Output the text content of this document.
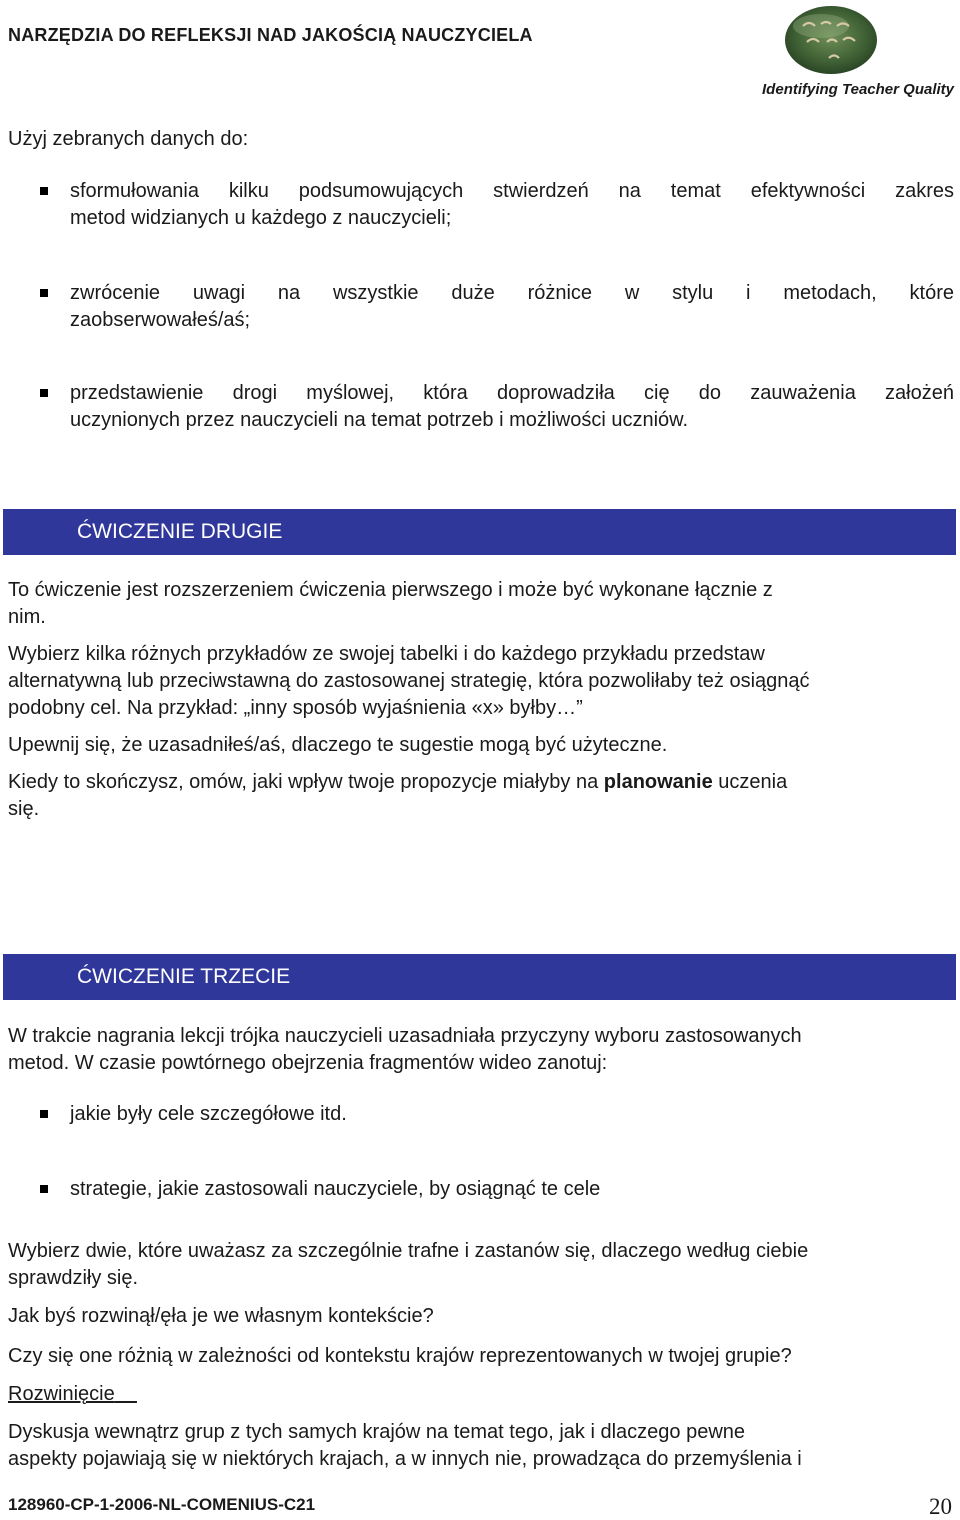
NARZĘDZIA DO REFLEKSJI NAD JAKOŚCIĄ NAUCZYCIELA
Identifying Teacher Quality

Użyj zebranych danych do:

sformułowania kilku podsumowujących stwierdzeń na temat efektywności zakres
metod widzianych u każdego z nauczycieli;
zwrócenie uwagi na wszystkie duże różnice w stylu i metodach, które
zaobserwowałeś/aś;
przedstawienie drogi myślowej, która doprowadziła cię do zauważenia założeń
uczynionych przez nauczycieli na temat potrzeb i możliwości uczniów.
ĆWICZENIE DRUGIE

To ćwiczenie jest rozszerzeniem ćwiczenia pierwszego i może być wykonane łącznie z
nim.

Wybierz kilka różnych przykładów ze swojej tabelki i do każdego przykładu przedstaw
alternatywną lub przeciwstawną do zastosowanej strategię, która pozwoliłaby też osiągnąć
podobny cel. Na przykład: „inny sposób wyjaśnienia «x» byłby…”

Upewnij się, że uzasadniłeś/aś, dlaczego te sugestie mogą być użyteczne.

Kiedy to skończysz, omów, jaki wpływ twoje propozycje miałyby na planowanie uczenia
się.

ĆWICZENIE TRZECIE

W trakcie nagrania lekcji trójka nauczycieli uzasadniała przyczyny wyboru zastosowanych
metod. W czasie powtórnego obejrzenia fragmentów wideo zanotuj:

jakie były cele szczegółowe itd.
strategie, jakie zastosowali nauczyciele, by osiągnąć te cele

Wybierz dwie, które uważasz za szczególnie trafne i zastanów się, dlaczego według ciebie
sprawdziły się.

Jak byś rozwinął/ęła je we własnym kontekście?

Czy się one różnią w zależności od kontekstu krajów reprezentowanych w twojej grupie?

Rozwinięcie

Dyskusja wewnątrz grup z tych samych krajów na temat tego, jak i dlaczego pewne
aspekty pojawiają się w niektórych krajach, a w innych nie, prowadząca do przemyślenia i

128960-CP-1-2006-NL-COMENIUS-C21	20
